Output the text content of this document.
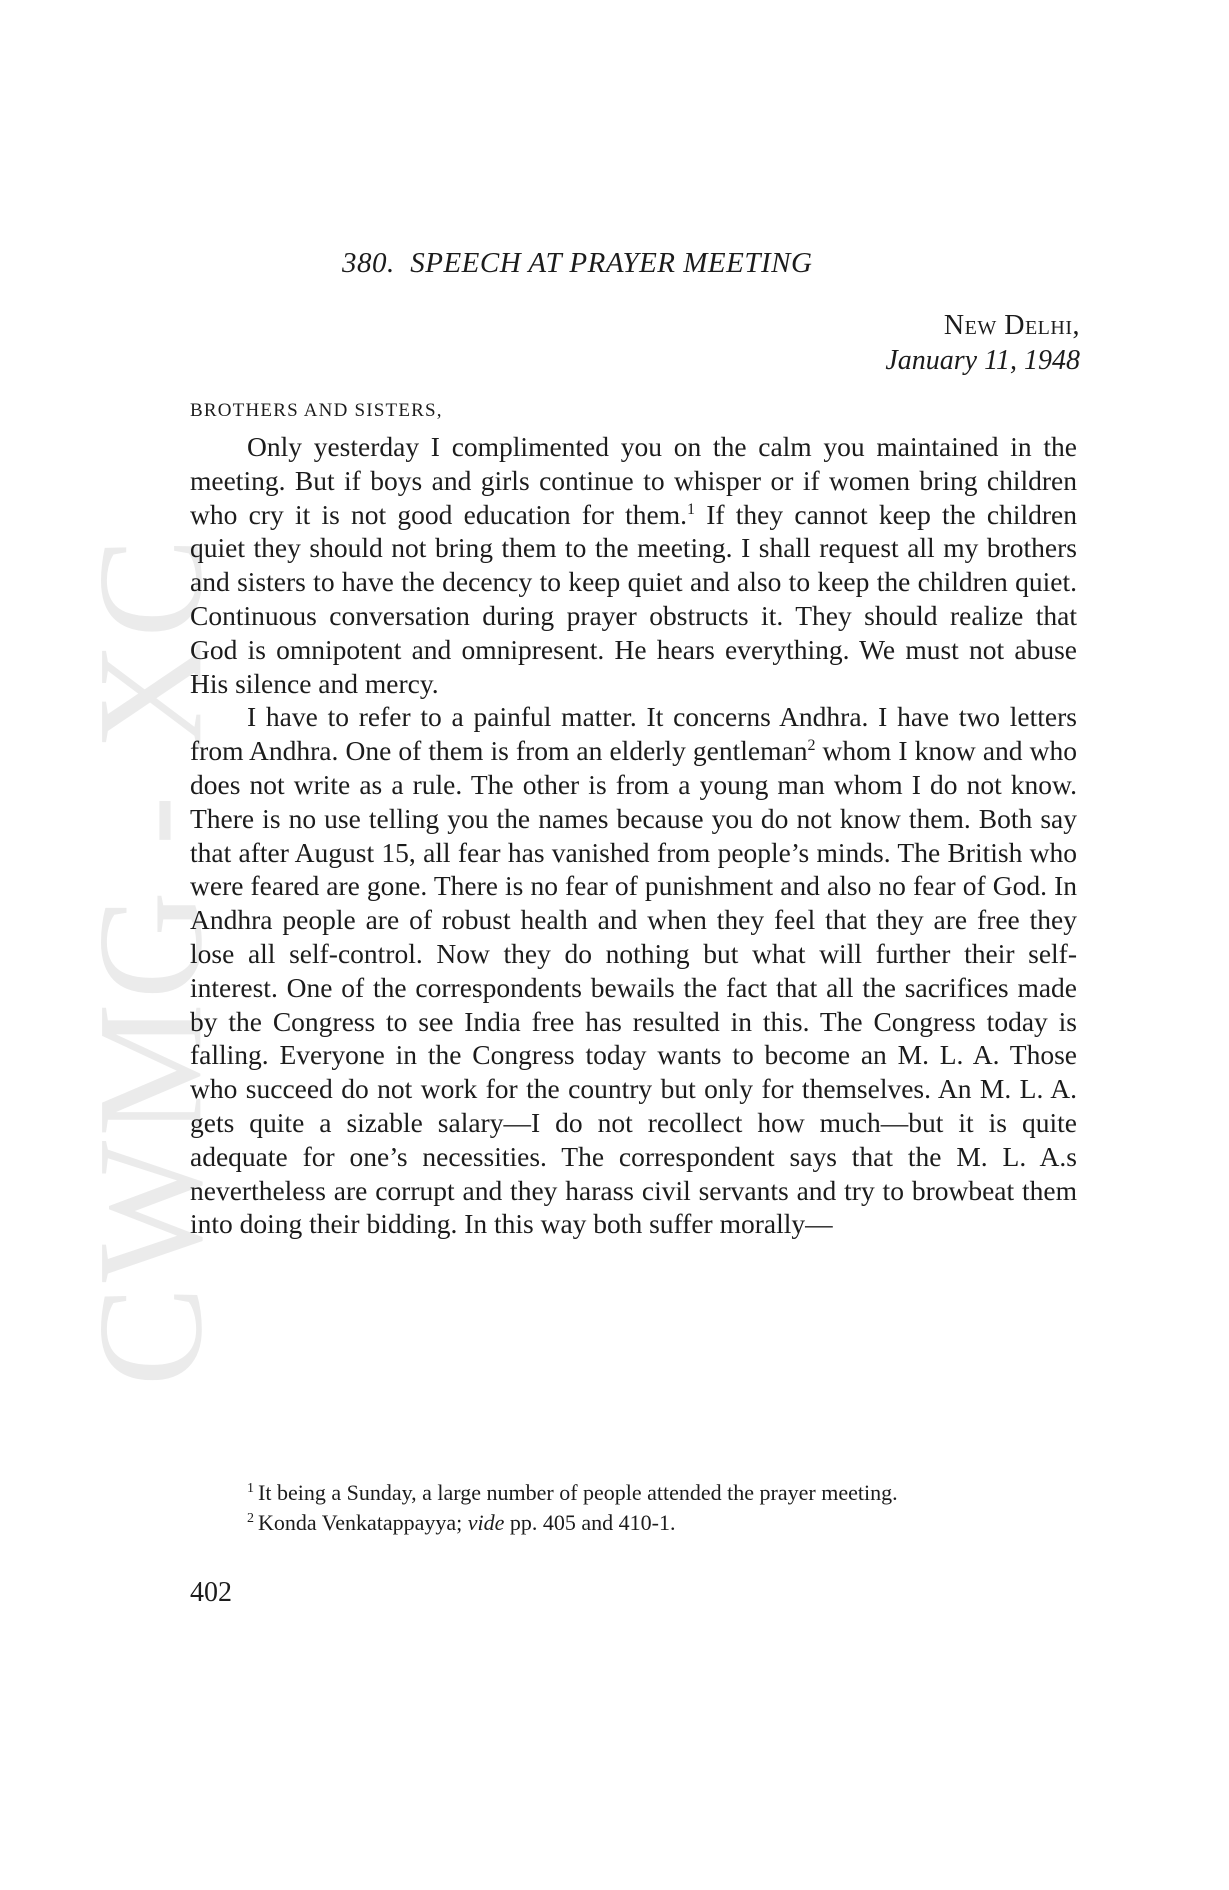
CWMG - XC
380. SPEECH AT PRAYER MEETING
New Delhi,
January 11, 1948
BROTHERS AND SISTERS,

Only yesterday I complimented you on the calm you maintained in the meeting. But if boys and girls continue to whisper or if women bring children who cry it is not good education for them.$^1$ If they cannot keep the children quiet they should not bring them to the meeting. I shall request all my brothers and sisters to have the decency to keep quiet and also to keep the children quiet. Continuous conversation during prayer obstructs it. They should realize that God is omnipotent and omnipresent. He hears everything. We must not abuse His silence and mercy.

I have to refer to a painful matter. It concerns Andhra. I have two letters from Andhra. One of them is from an elderly gentleman$^2$ whom I know and who does not write as a rule. The other is from a young man whom I do not know. There is no use telling you the names because you do not know them. Both say that after August 15, all fear has vanished from people’s minds. The British who were feared are gone. There is no fear of punishment and also no fear of God. In Andhra people are of robust health and when they feel that they are free they lose all self-control. Now they do nothing but what will further their self-interest. One of the correspondents bewails the fact that all the sacrifices made by the Congress to see India free has resulted in this. The Congress today is falling. Everyone in the Congress today wants to become an M. L. A. Those who succeed do not work for the country but only for themselves. An M. L. A. gets quite a sizable salary—I do not recollect how much—but it is quite adequate for one’s necessities. The correspondent says that the M. L. A.s nevertheless are corrupt and they harass civil servants and try to browbeat them into doing their bidding. In this way both suffer morally—

$^1$ It being a Sunday, a large number of people attended the prayer meeting.

$^2$ Konda Venkatappayya; vide pp. 405 and 410-1.

402
